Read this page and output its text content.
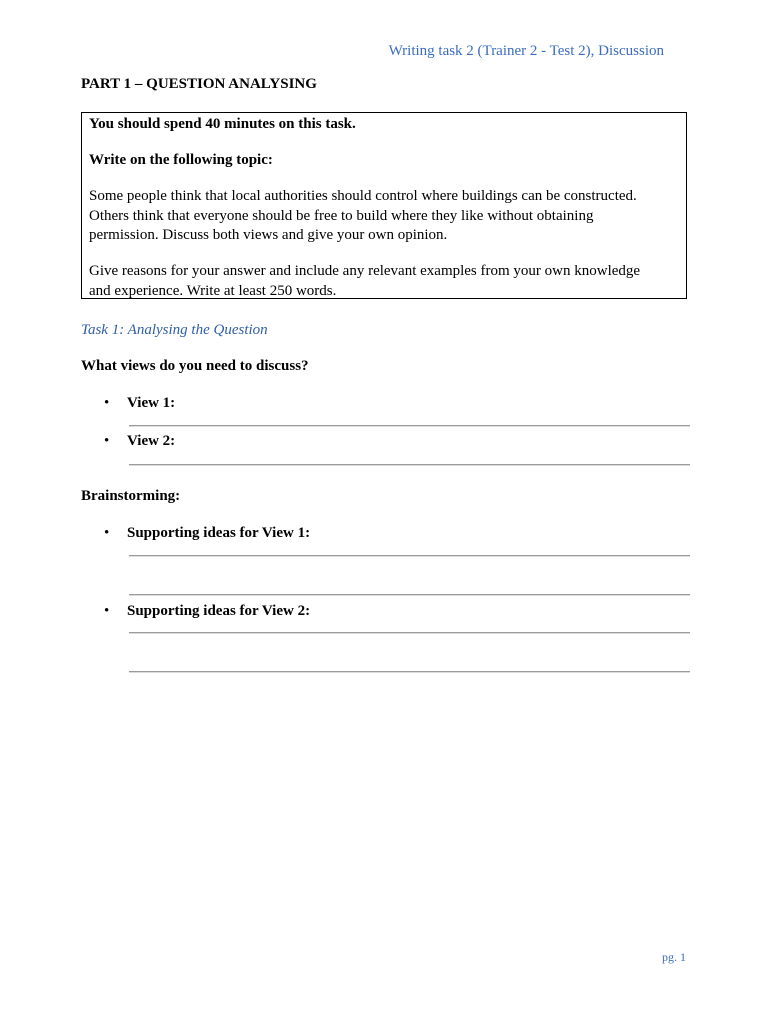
Writing task 2 (Trainer 2 - Test 2), Discussion
PART 1 – QUESTION ANALYSING

You should spend 40 minutes on this task.

Write on the following topic:

Some people think that local authorities should control where buildings can be constructed.

Others think that everyone should be free to build where they like without obtaining

permission. Discuss both views and give your own opinion.

Give reasons for your answer and include any relevant examples from your own knowledge

and experience. Write at least 250 words.

Task 1: Analysing the Question
What views do you need to discuss?
• View 1:
• View 2:
Brainstorming:
• Supporting ideas for View 1:
• Supporting ideas for View 2:
pg. 1
